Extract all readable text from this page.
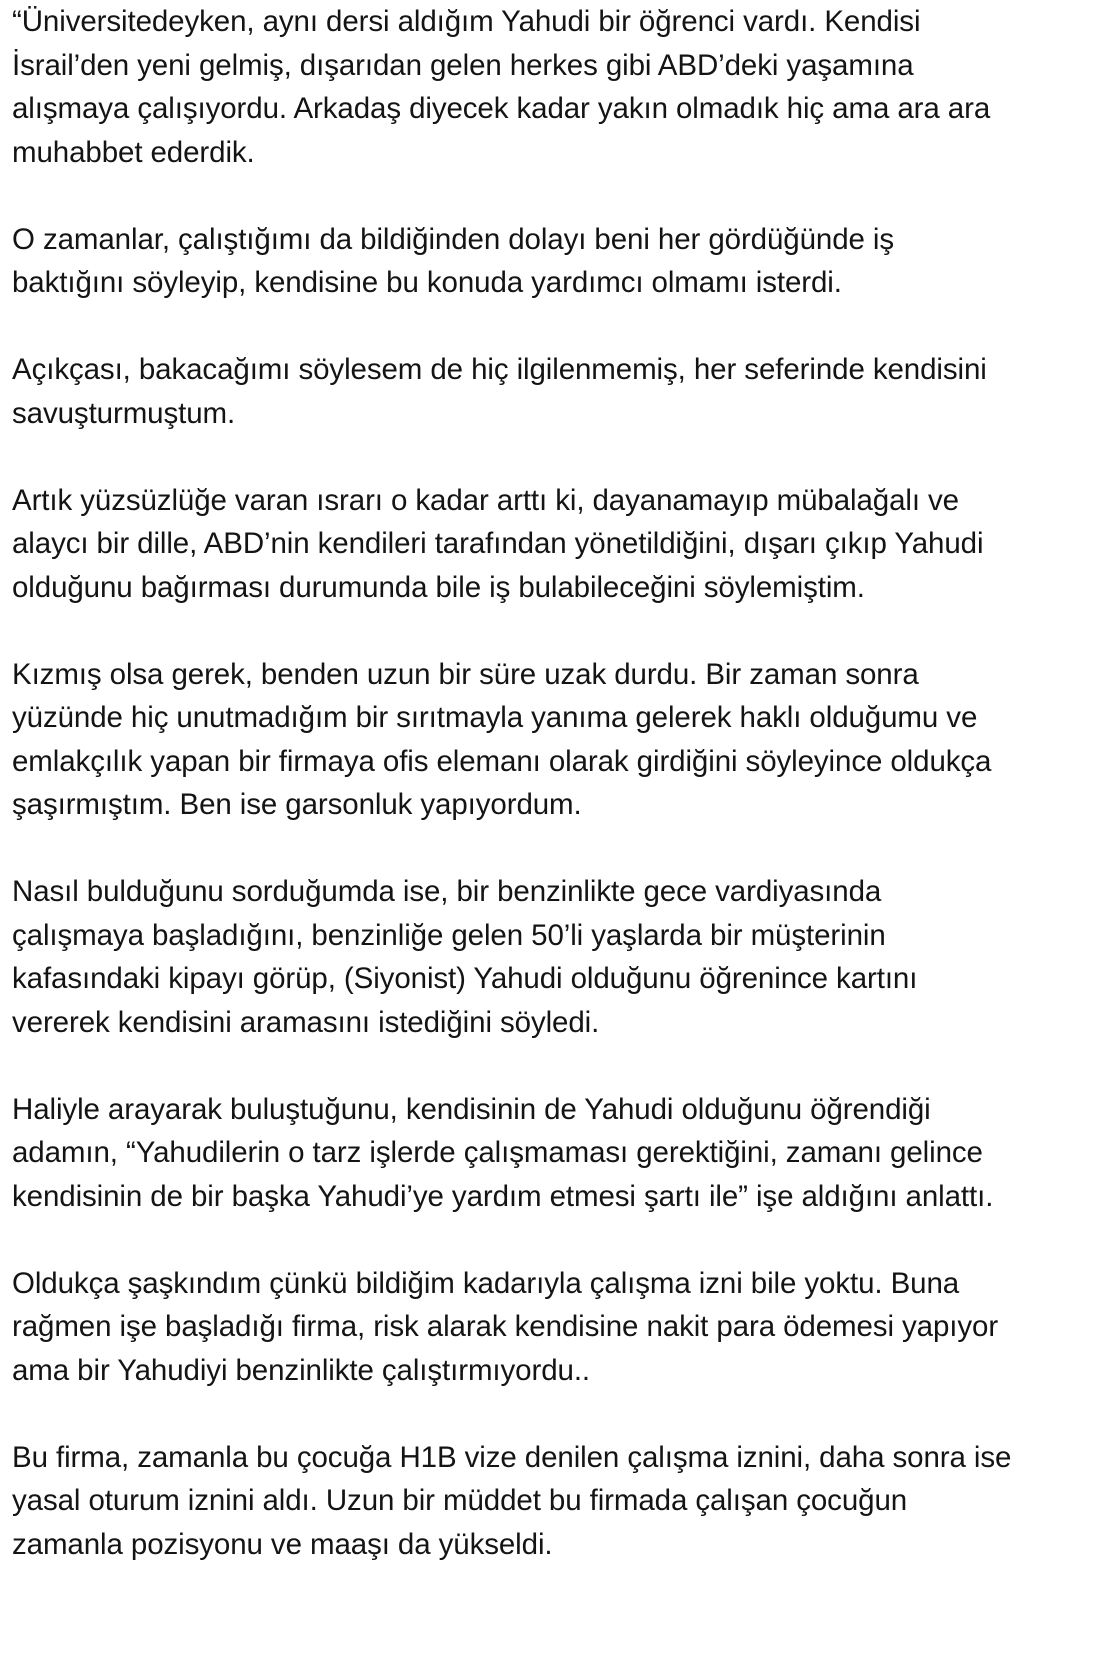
“Üniversitedeyken, aynı dersi aldığım Yahudi bir öğrenci vardı. Kendisi
İsrail’den yeni gelmiş, dışarıdan gelen herkes gibi ABD’deki yaşamına
alışmaya çalışıyordu. Arkadaş diyecek kadar yakın olmadık hiç ama ara ara
muhabbet ederdik.

O zamanlar, çalıştığımı da bildiğinden dolayı beni her gördüğünde iş
baktığını söyleyip, kendisine bu konuda yardımcı olmamı isterdi.

Açıkçası, bakacağımı söylesem de hiç ilgilenmemiş, her seferinde kendisini
savuşturmuştum.

Artık yüzsüzlüğe varan ısrarı o kadar arttı ki, dayanamayıp mübalağalı ve
alaycı bir dille, ABD’nin kendileri tarafından yönetildiğini, dışarı çıkıp Yahudi
olduğunu bağırması durumunda bile iş bulabileceğini söylemiştim.

Kızmış olsa gerek, benden uzun bir süre uzak durdu. Bir zaman sonra
yüzünde hiç unutmadığım bir sırıtmayla yanıma gelerek haklı olduğumu ve
emlakçılık yapan bir firmaya ofis elemanı olarak girdiğini söyleyince oldukça
şaşırmıştım. Ben ise garsonluk yapıyordum.

Nasıl bulduğunu sorduğumda ise, bir benzinlikte gece vardiyasında
çalışmaya başladığını, benzinliğe gelen 50’li yaşlarda bir müşterinin
kafasındaki kipayı görüp, (Siyonist) Yahudi olduğunu öğrenince kartını
vererek kendisini aramasını istediğini söyledi.

Haliyle arayarak buluştuğunu, kendisinin de Yahudi olduğunu öğrendiği
adamın, “Yahudilerin o tarz işlerde çalışmaması gerektiğini, zamanı gelince
kendisinin de bir başka Yahudi’ye yardım etmesi şartı ile” işe aldığını anlattı.

Oldukça şaşkındım çünkü bildiğim kadarıyla çalışma izni bile yoktu. Buna
rağmen işe başladığı firma, risk alarak kendisine nakit para ödemesi yapıyor
ama bir Yahudiyi benzinlikte çalıştırmıyordu..

Bu firma, zamanla bu çocuğa H1B vize denilen çalışma iznini, daha sonra ise
yasal oturum iznini aldı. Uzun bir müddet bu firmada çalışan çocuğun
zamanla pozisyonu ve maaşı da yükseldi.
